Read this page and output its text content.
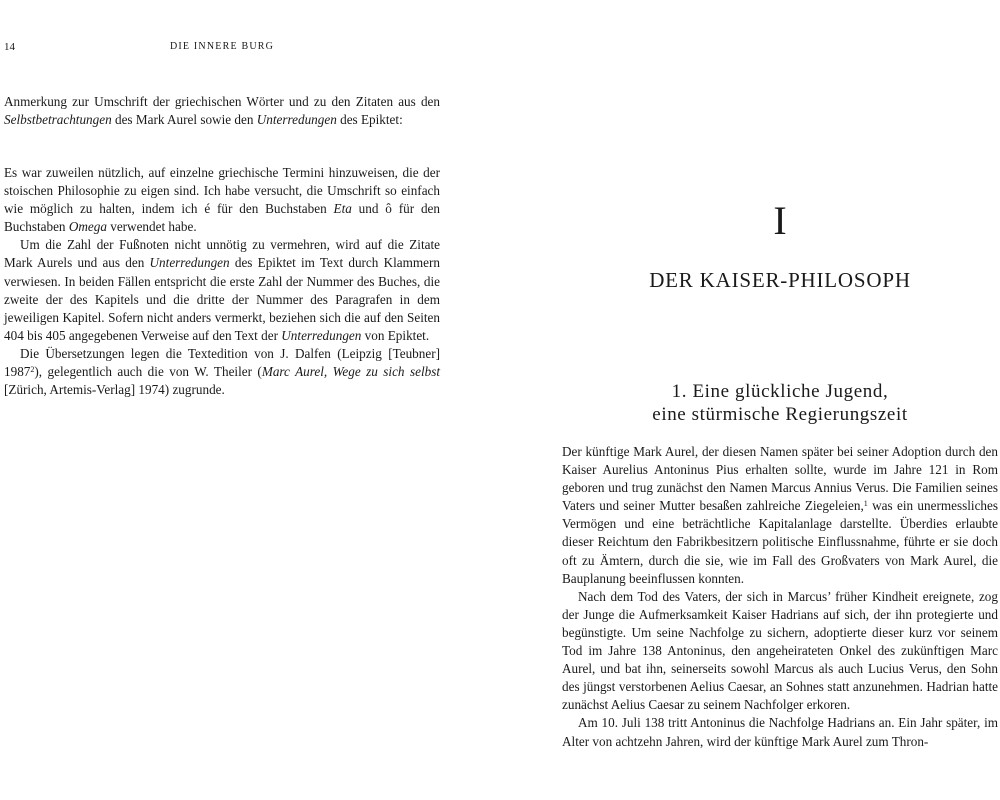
14	DIE INNERE BURG

Anmerkung zur Umschrift der griechischen Wörter und zu den Zitaten aus den Selbstbetrachtungen des Mark Aurel sowie den Unterredungen des Epiktet:

Es war zuweilen nützlich, auf einzelne griechische Termini hinzuweisen, die der stoischen Philosophie zu eigen sind. Ich habe versucht, die Umschrift so einfach wie möglich zu halten, indem ich é für den Buchstaben Eta und ô für den Buchstaben Omega verwendet habe.

Um die Zahl der Fußnoten nicht unnötig zu vermehren, wird auf die Zitate Mark Aurels und aus den Unterredungen des Epiktet im Text durch Klammern verwiesen. In beiden Fällen entspricht die erste Zahl der Nummer des Buches, die zweite der des Kapitels und die dritte der Nummer des Paragrafen in dem jeweiligen Kapitel. Sofern nicht anders vermerkt, beziehen sich die auf den Seiten 404 bis 405 angegebenen Verweise auf den Text der Unterredungen von Epiktet.

Die Übersetzungen legen die Textedition von J. Dalfen (Leipzig [Teubner] 1987$^2$), gelegentlich auch die von W. Theiler (Marc Aurel, Wege zu sich selbst [Zürich, Artemis-Verlag] 1974) zugrunde.

I
DER KAISER-PHILOSOPH
1. Eine glückliche Jugend,
eine stürmische Regierungszeit

Der künftige Mark Aurel, der diesen Namen später bei seiner Adoption durch den Kaiser Aurelius Antoninus Pius erhalten sollte, wurde im Jahre 121 in Rom geboren und trug zunächst den Namen Marcus Annius Verus. Die Familien seines Vaters und seiner Mutter besaßen zahlreiche Ziegeleien,$^1$ was ein unermessliches Vermögen und eine beträchtliche Kapitalanlage darstellte. Überdies erlaubte dieser Reichtum den Fabrikbesitzern politische Einflussnahme, führte er sie doch oft zu Ämtern, durch die sie, wie im Fall des Großvaters von Mark Aurel, die Bauplanung beeinflussen konnten.

Nach dem Tod des Vaters, der sich in Marcus’ früher Kindheit ereignete, zog der Junge die Aufmerksamkeit Kaiser Hadrians auf sich, der ihn protegierte und begünstigte. Um seine Nachfolge zu sichern, adoptierte dieser kurz vor seinem Tod im Jahre 138 Antoninus, den angeheirateten Onkel des zukünftigen Marc Aurel, und bat ihn, seinerseits sowohl Marcus als auch Lucius Verus, den Sohn des jüngst verstorbenen Aelius Caesar, an Sohnes statt anzunehmen. Hadrian hatte zunächst Aelius Caesar zu seinem Nachfolger erkoren.

Am 10. Juli 138 tritt Antoninus die Nachfolge Hadrians an. Ein Jahr später, im Alter von achtzehn Jahren, wird der künftige Mark Aurel zum Thron-
